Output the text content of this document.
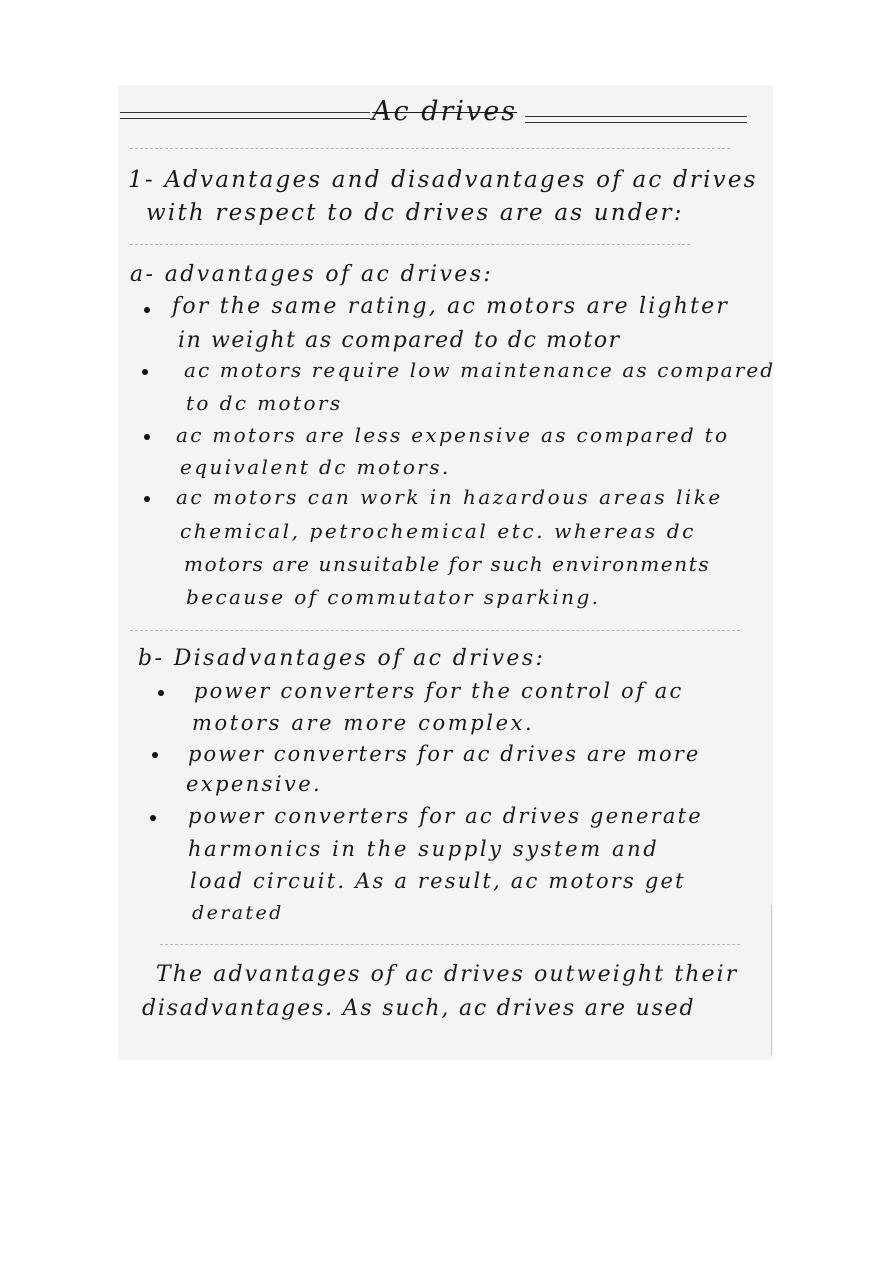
Ac drives
1- Advantages and disadvantages of ac drives
with respect to dc drives are as under:
a- advantages of ac drives:
for the same rating, ac motors are lighter
in weight as compared to dc motor
ac motors require low maintenance as compared
to dc motors
ac motors are less expensive as compared to
equivalent dc motors.
ac motors can work in hazardous areas like
chemical, petrochemical etc. whereas dc
motors are unsuitable for such environments
because of commutator sparking.
b- Disadvantages of ac drives:
power converters for the control of ac
motors are more complex.
power converters for ac drives are more
expensive.
power converters for ac drives generate
harmonics in the supply system and
load circuit. As a result, ac motors get
derated
The advantages of ac drives outweight their
disadvantages. As such, ac drives are used
